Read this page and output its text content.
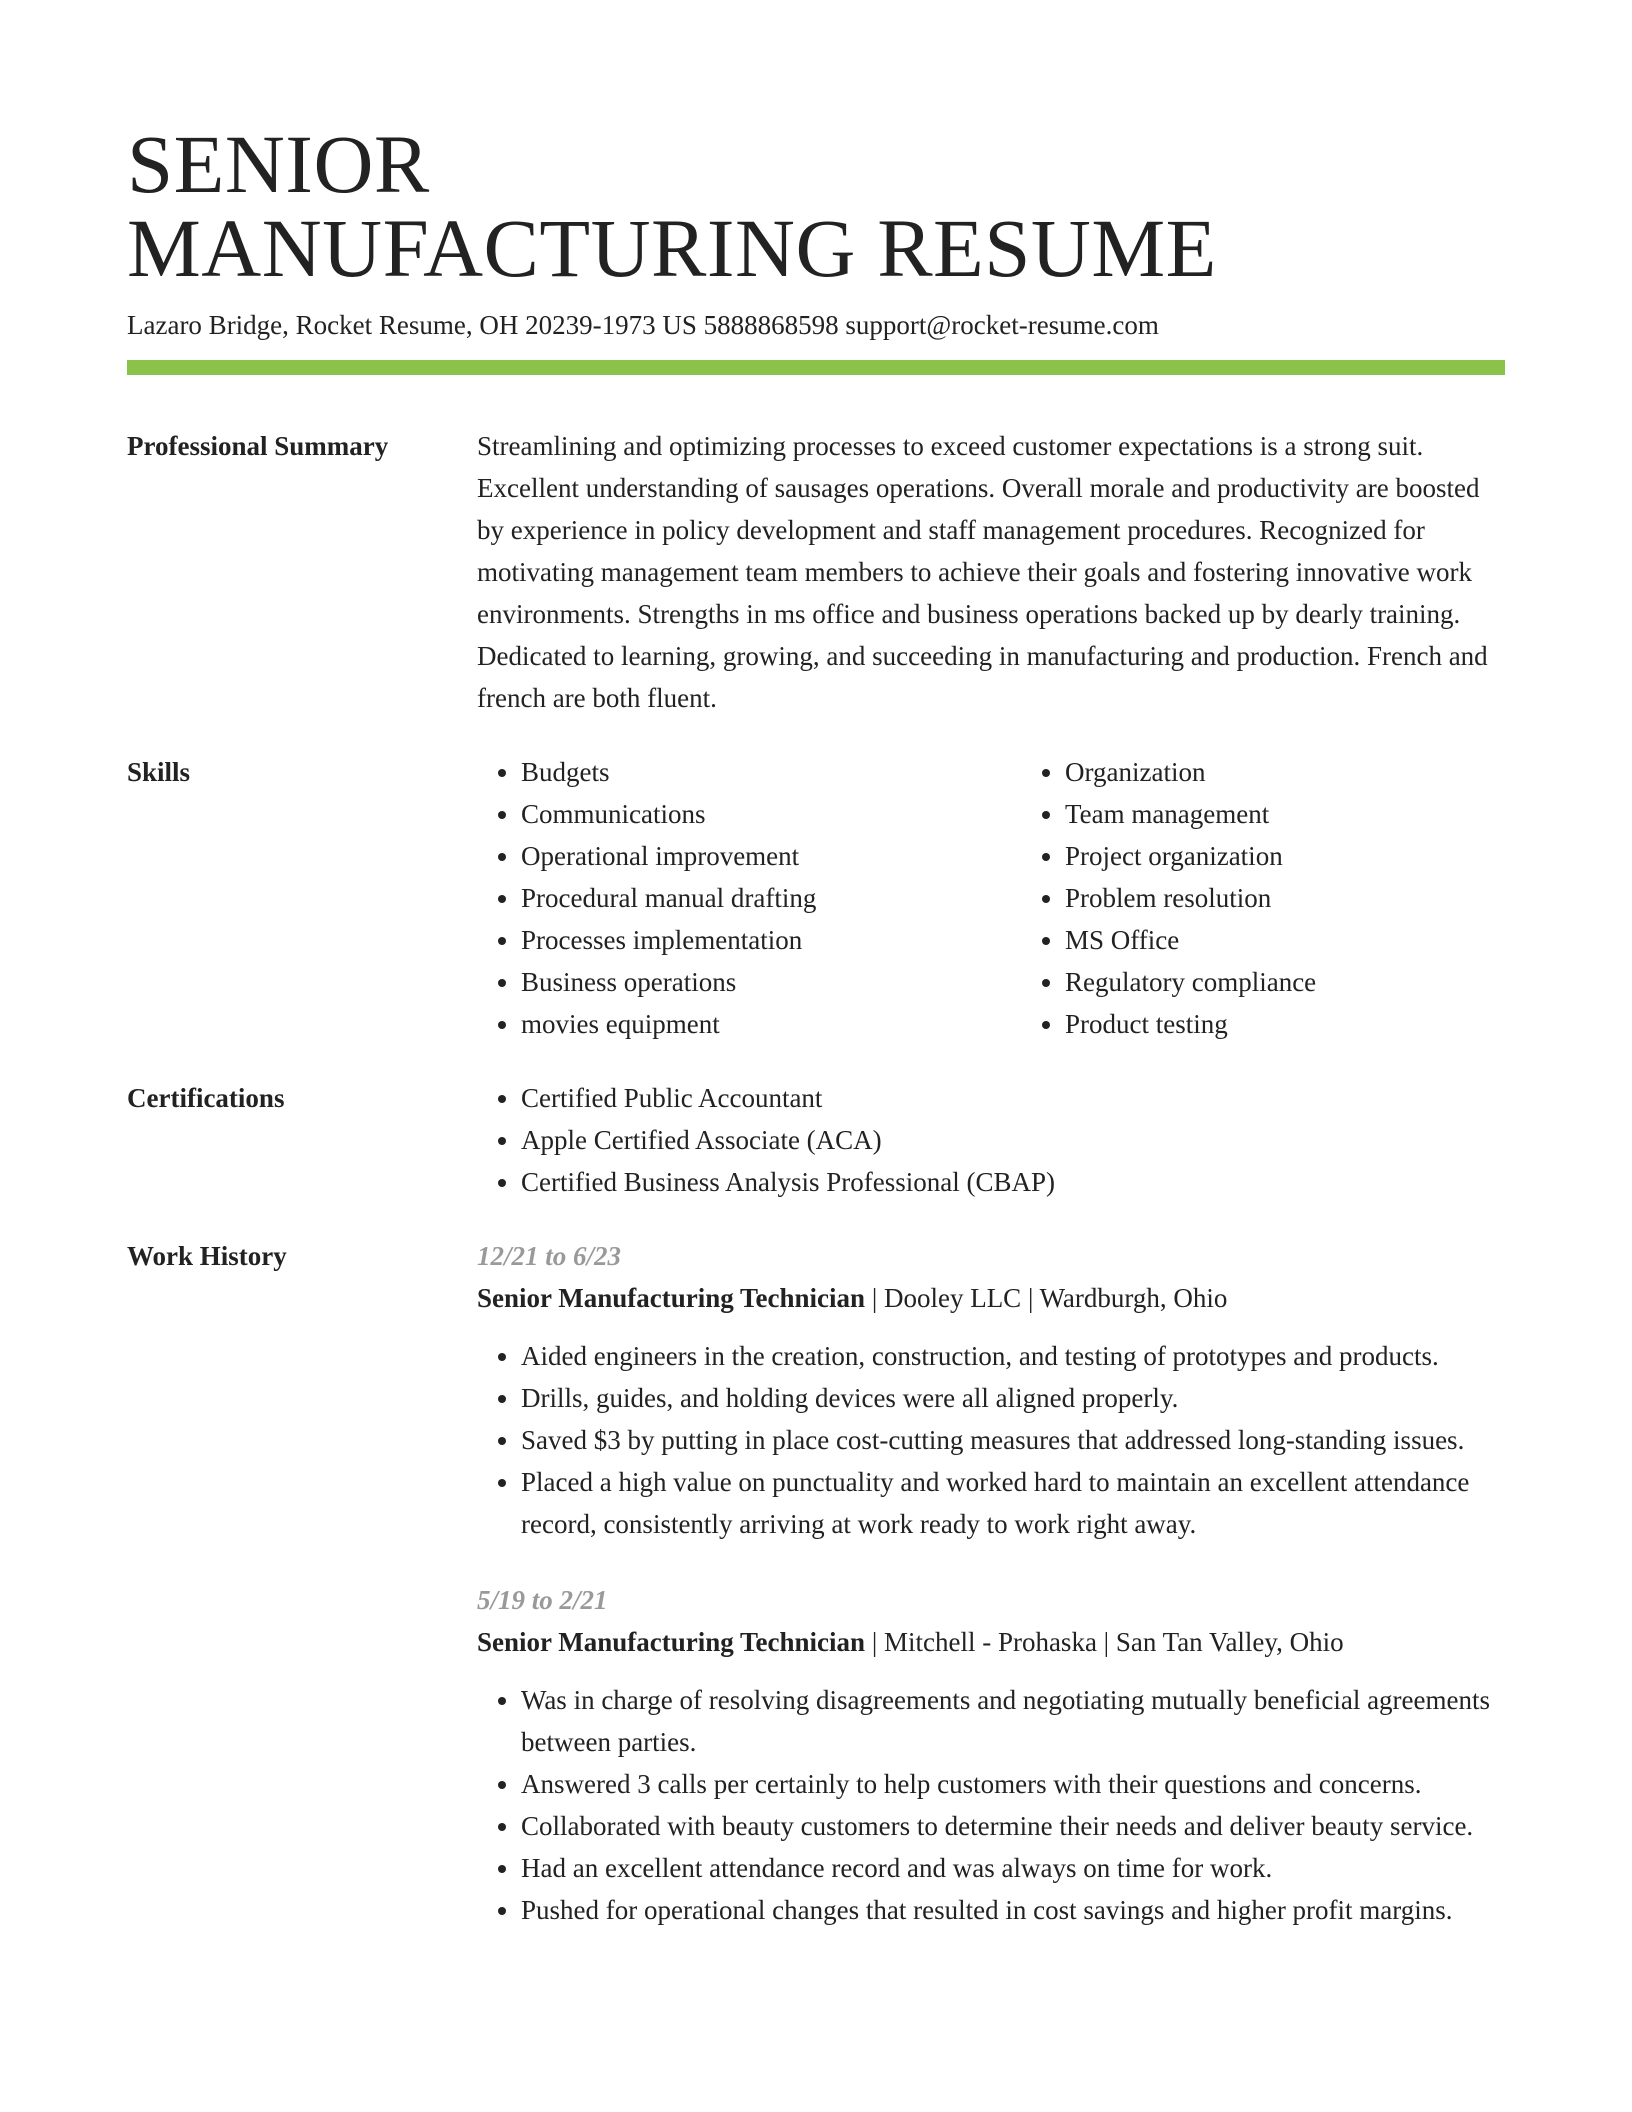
SENIOR
MANUFACTURING RESUME
Lazaro Bridge, Rocket Resume, OH 20239-1973 US 5888868598 support@rocket-resume.com
Professional Summary	Streamlining and optimizing processes to exceed customer expectations is a strong suit. Excellent understanding of sausages operations. Overall morale and productivity are boosted by experience in policy development and staff management procedures. Recognized for motivating management team members to achieve their goals and fostering innovative work environments. Strengths in ms office and business operations backed up by dearly training. Dedicated to learning, growing, and succeeding in manufacturing and production. French and french are both fluent.
Skills	• Budgets
• Communications
• Operational improvement
• Procedural manual drafting
• Processes implementation
• Business operations
• movies equipment
• Organization
• Team management
• Project organization
• Problem resolution
• MS Office
• Regulatory compliance
• Product testing
Certifications	• Certified Public Accountant
• Apple Certified Associate (ACA)
• Certified Business Analysis Professional (CBAP)
Work History	12/21 to 6/23
Senior Manufacturing Technician | Dooley LLC | Wardburgh, Ohio
• Aided engineers in the creation, construction, and testing of prototypes and products.
• Drills, guides, and holding devices were all aligned properly.
• Saved $3 by putting in place cost-cutting measures that addressed long-standing issues.
• Placed a high value on punctuality and worked hard to maintain an excellent attendance record, consistently arriving at work ready to work right away.
5/19 to 2/21
Senior Manufacturing Technician | Mitchell - Prohaska | San Tan Valley, Ohio
• Was in charge of resolving disagreements and negotiating mutually beneficial agreements between parties.
• Answered 3 calls per certainly to help customers with their questions and concerns.
• Collaborated with beauty customers to determine their needs and deliver beauty service.
• Had an excellent attendance record and was always on time for work.
• Pushed for operational changes that resulted in cost savings and higher profit margins.
